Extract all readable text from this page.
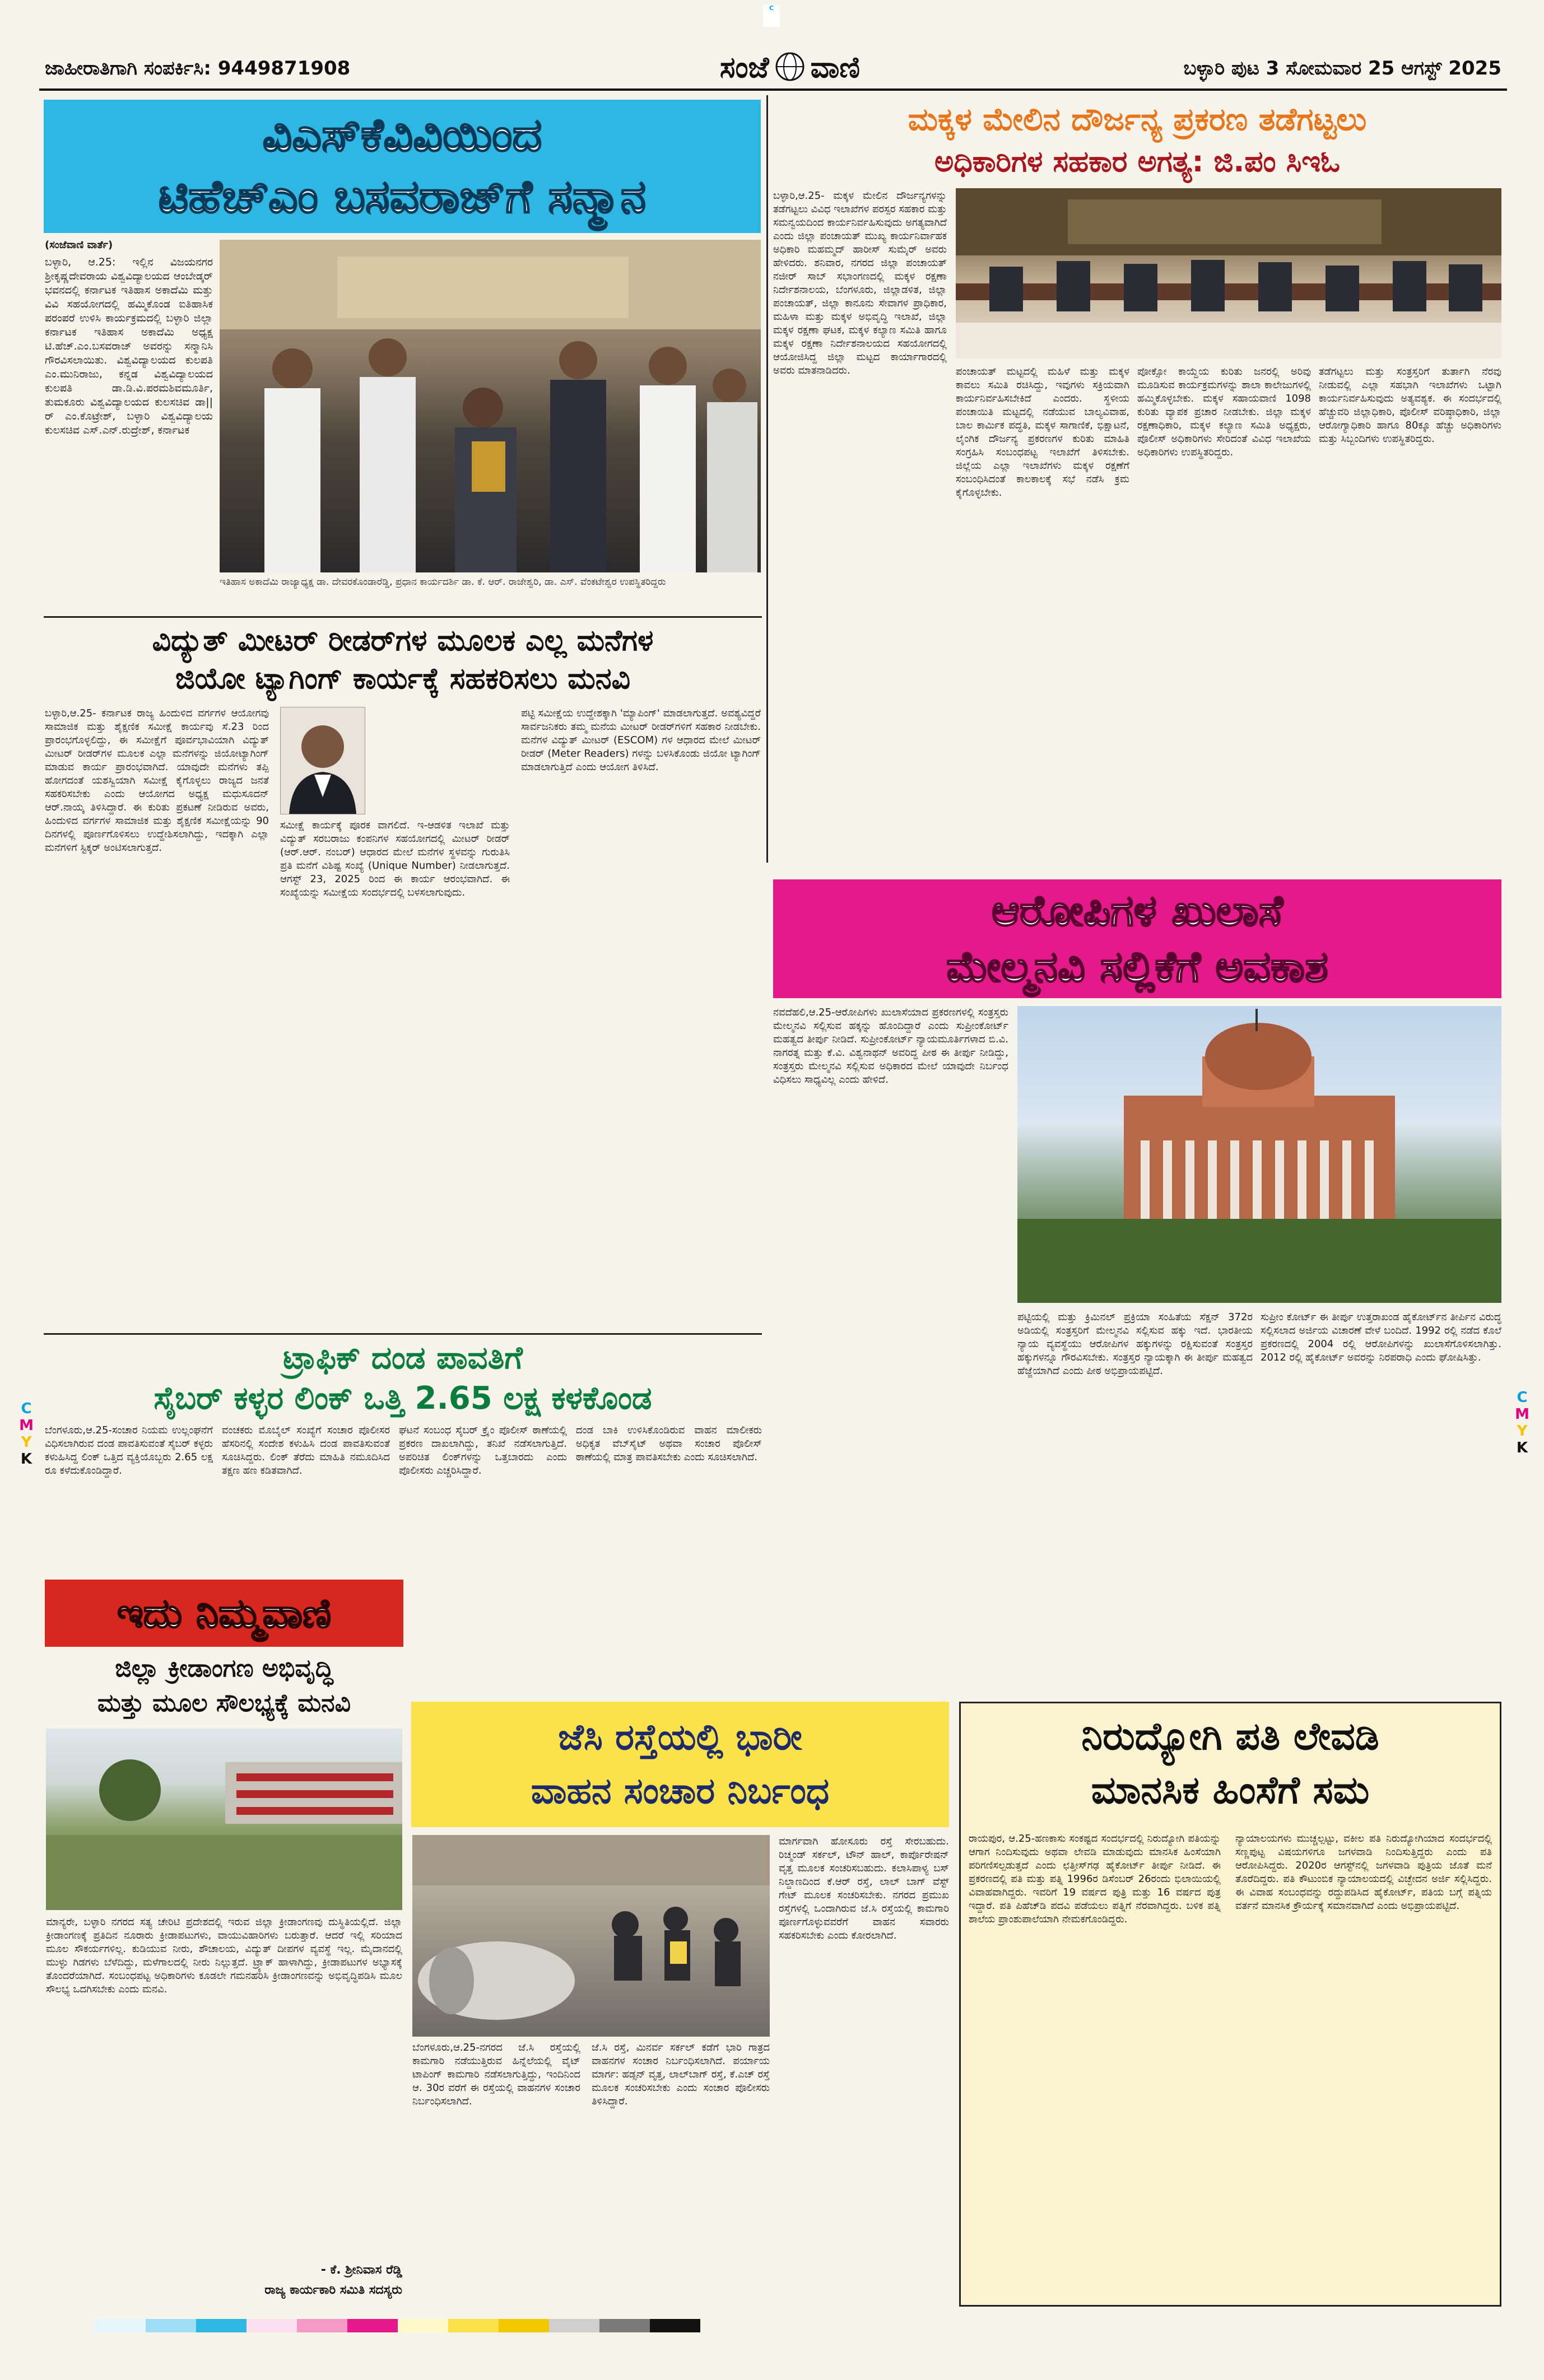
C
C
M
Y
K
C
M
Y
K
ಜಾಹೀರಾತಿಗಾಗಿ ಸಂಪರ್ಕಿಸಿ: 9449871908	ಸಂಜೆ ವಾಣಿ	ಬಳ್ಳಾರಿ ಪುಟ 3 ಸೋಮವಾರ 25 ಆಗಸ್ಟ್ 2025
ವಿಎಸ್‌ಕೆವಿವಿಯಿಂದ
ಟಿಹೆಚ್‌ಎಂ ಬಸವರಾಜ್‌ಗೆ ಸನ್ಮಾನ
(ಸಂಜೆವಾಣಿ ವಾರ್ತೆ)
ಬಳ್ಳಾರಿ, ಆ.25: ಇಲ್ಲಿನ ವಿಜಯನಗರ ಶ್ರೀಕೃಷ್ಣದೇವರಾಯ ವಿಶ್ವವಿದ್ಯಾಲಯದ ಆಂಬೇಡ್ಕರ್ ಭವನದಲ್ಲಿ ಕರ್ನಾಟಕ ಇತಿಹಾಸ ಅಕಾದೆಮಿ ಮತ್ತು ವಿವಿ ಸಹಯೋಗದಲ್ಲಿ ಹಮ್ಮಿಕೊಂಡ ಐತಿಹಾಸಿಕ ಪರಂಪರೆ ಉಳಿಸಿ ಕಾರ್ಯಕ್ರಮದಲ್ಲಿ ಬಳ್ಳಾರಿ ಜಿಲ್ಲಾ ಕರ್ನಾಟಕ ಇತಿಹಾಸ ಅಕಾದೆಮಿ ಅಧ್ಯಕ್ಷ ಟಿ.ಹೆಚ್.ಎಂ.ಬಸವರಾಜ್ ಅವರನ್ನು ಸನ್ಮಾನಿಸಿ ಗೌರವಿಸಲಾಯಿತು. ವಿಶ್ವವಿದ್ಯಾಲಯದ ಕುಲಪತಿ ಎಂ.ಮುನಿರಾಜು, ಕನ್ನಡ ವಿಶ್ವವಿದ್ಯಾಲಯದ ಕುಲಪತಿ ಡಾ.ಡಿ.ವಿ.ಪರಮಶಿವಮೂರ್ತಿ, ತುಮಕೂರು ವಿಶ್ವವಿದ್ಯಾಲಯದ ಕುಲಸಚಿವ ಡಾ||ರ್ ಎಂ.ಕೊಟ್ರೇಶ್, ಬಳ್ಳಾರಿ ವಿಶ್ವವಿದ್ಯಾಲಯ ಕುಲಸಚಿವ ಎಸ್.ಎನ್.ರುದ್ರೇಶ್, ಕರ್ನಾಟಕ
ಇತಿಹಾಸ ಅಕಾದೆಮಿ ರಾಜ್ಯಾಧ್ಯಕ್ಷ ಡಾ. ದೇವರಕೊಂಡಾರೆಡ್ಡಿ, ಪ್ರಧಾನ ಕಾರ್ಯದರ್ಶಿ ಡಾ. ಕೆ. ಆರ್. ರಾಜೇಶ್ವರಿ, ಡಾ. ಎಸ್. ವೆಂಕಟೇಶ್ವರ ಉಪಸ್ಥಿತರಿದ್ದರು
ವಿದ್ಯುತ್ ಮೀಟರ್ ರೀಡರ್‌ಗಳ ಮೂಲಕ ಎಲ್ಲ ಮನೆಗಳ
ಜಿಯೋ ಟ್ಯಾಗಿಂಗ್ ಕಾರ್ಯಕ್ಕೆ ಸಹಕರಿಸಲು ಮನವಿ
ಬಳ್ಳಾರಿ,ಆ.25- ಕರ್ನಾಟಕ ರಾಜ್ಯ ಹಿಂದುಳಿದ ವರ್ಗಗಳ ಆಯೋಗವು ಸಾಮಾಜಿಕ ಮತ್ತು ಶೈಕ್ಷಣಿಕ ಸಮೀಕ್ಷೆ ಕಾರ್ಯವು ಸೆ.23 ರಿಂದ ಪ್ರಾರಂಭಗೊಳ್ಳಲಿದ್ದು, ಈ ಸಮೀಕ್ಷೆಗೆ ಪೂರ್ವಭಾವಿಯಾಗಿ ವಿದ್ಯುತ್ ಮೀಟರ್ ರೀಡರ್‌ಗಳ ಮೂಲಕ ಎಲ್ಲಾ ಮನೆಗಳನ್ನು ಜಿಯೋಟ್ಯಾಗಿಂಗ್ ಮಾಡುವ ಕಾರ್ಯ ಪ್ರಾರಂಭವಾಗಿದೆ. ಯಾವುದೇ ಮನೆಗಳು ತಪ್ಪಿ ಹೋಗದಂತೆ ಯಶಸ್ವಿಯಾಗಿ ಸಮೀಕ್ಷೆ ಕೈಗೊಳ್ಳಲು ರಾಜ್ಯದ ಜನತೆ ಸಹಕರಿಸಬೇಕು ಎಂದು ಆಯೋಗದ ಅಧ್ಯಕ್ಷ ಮಧುಸೂದನ್ ಆರ್.ನಾಯ್ಕ ತಿಳಿಸಿದ್ದಾರೆ. ಈ ಕುರಿತು ಪ್ರಕಟಣೆ ನೀಡಿರುವ ಅವರು, ಹಿಂದುಳಿದ ವರ್ಗಗಳ ಸಾಮಾಜಿಕ ಮತ್ತು ಶೈಕ್ಷಣಿಕ ಸಮೀಕ್ಷೆಯನ್ನು 90 ದಿನಗಳಲ್ಲಿ ಪೂರ್ಣಗೊಳಿಸಲು ಉದ್ದೇಶಿಸಲಾಗಿದ್ದು, ಇದಕ್ಕಾಗಿ ಎಲ್ಲಾ ಮನೆಗಳಿಗೆ ಸ್ಟಿಕ್ಕರ್ ಅಂಟಿಸಲಾಗುತ್ತದೆ.
ಸಮೀಕ್ಷೆ ಕಾರ್ಯಕ್ಕೆ ಪೂರಕ ವಾಗಲಿದೆ. ಇ-ಆಡಳಿತ ಇಲಾಖೆ ಮತ್ತು ವಿದ್ಯುತ್ ಸರಬರಾಜು ಕಂಪನಿಗಳ ಸಹಯೋಗದಲ್ಲಿ ಮೀಟರ್ ರೀಡರ್ (ಆರ್.ಆರ್. ನಂಬರ್) ಆಧಾರದ ಮೇಲೆ ಮನೆಗಳ ಸ್ಥಳವನ್ನು ಗುರುತಿಸಿ ಪ್ರತಿ ಮನೆಗೆ ವಿಶಿಷ್ಟ ಸಂಖ್ಯೆ (Unique Number) ನೀಡಲಾಗುತ್ತದೆ. ಆಗಸ್ಟ್ 23, 2025 ರಿಂದ ಈ ಕಾರ್ಯ ಆರಂಭವಾಗಿದೆ. ಈ ಸಂಖ್ಯೆಯನ್ನು ಸಮೀಕ್ಷೆಯ ಸಂದರ್ಭದಲ್ಲಿ ಬಳಸಲಾಗುವುದು.
ಪಟ್ಟಿ ಸಮೀಕ್ಷೆಯ ಉದ್ದೇಶಕ್ಕಾಗಿ 'ಮ್ಯಾಪಿಂಗ್' ಮಾಡಲಾಗುತ್ತದೆ. ಅವಶ್ಯವಿದ್ದರೆ ಸಾರ್ವಜನಿಕರು ತಮ್ಮ ಮನೆಯ ಮೀಟರ್ ರೀಡರ್‌ಗಳಿಗೆ ಸಹಕಾರ ನೀಡಬೇಕು. ಮನೆಗಳ ವಿದ್ಯುತ್ ಮೀಟರ್ (ESCOM) ಗಳ ಆಧಾರದ ಮೇಲೆ ಮೀಟರ್ ರೀಡರ್ (Meter Readers) ಗಳನ್ನು ಬಳಸಿಕೊಂಡು ಜಿಯೋ ಟ್ಯಾಗಿಂಗ್ ಮಾಡಲಾಗುತ್ತಿದೆ ಎಂದು ಆಯೋಗ ತಿಳಿಸಿದೆ.
ಮಕ್ಕಳ ಮೇಲಿನ ದೌರ್ಜನ್ಯ ಪ್ರಕರಣ ತಡೆಗಟ್ಟಲು
ಅಧಿಕಾರಿಗಳ ಸಹಕಾರ ಅಗತ್ಯ: ಜಿ.ಪಂ ಸಿಇಓ
ಬಳ್ಳಾರಿ,ಆ.25- ಮಕ್ಕಳ ಮೇಲಿನ ದೌರ್ಜನ್ಯಗಳನ್ನು ತಡೆಗಟ್ಟಲು ವಿವಿಧ ಇಲಾಖೆಗಳ ಪರಸ್ಪರ ಸಹಕಾರ ಮತ್ತು ಸಮನ್ವಯದಿಂದ ಕಾರ್ಯನಿರ್ವಹಿಸುವುದು ಅಗತ್ಯವಾಗಿದೆ ಎಂದು ಜಿಲ್ಲಾ ಪಂಚಾಯತ್ ಮುಖ್ಯ ಕಾರ್ಯನಿರ್ವಾಹಕ ಅಧಿಕಾರಿ ಮಹಮ್ಮದ್ ಹಾರೀಸ್ ಸುಮೈರ್ ಅವರು ಹೇಳಿದರು. ಶನಿವಾರ, ನಗರದ ಜಿಲ್ಲಾ ಪಂಚಾಯತ್ ನಜೀರ್ ಸಾಬ್ ಸಭಾಂಗಣದಲ್ಲಿ ಮಕ್ಕಳ ರಕ್ಷಣಾ ನಿರ್ದೇಶನಾಲಯ, ಬೆಂಗಳೂರು, ಜಿಲ್ಲಾಡಳಿತ, ಜಿಲ್ಲಾ ಪಂಚಾಯತ್, ಜಿಲ್ಲಾ ಕಾನೂನು ಸೇವಾಗಳ ಪ್ರಾಧಿಕಾರ, ಮಹಿಳಾ ಮತ್ತು ಮಕ್ಕಳ ಅಭಿವೃದ್ಧಿ ಇಲಾಖೆ, ಜಿಲ್ಲಾ ಮಕ್ಕಳ ರಕ್ಷಣಾ ಘಟಕ, ಮಕ್ಕಳ ಕಲ್ಯಾಣ ಸಮಿತಿ ಹಾಗೂ ಮಕ್ಕಳ ರಕ್ಷಣಾ ನಿರ್ದೇಶನಾಲಯದ ಸಹಯೋಗದಲ್ಲಿ ಆಯೋಜಿಸಿದ್ದ ಜಿಲ್ಲಾ ಮಟ್ಟದ ಕಾರ್ಯಾಗಾರದಲ್ಲಿ ಅವರು ಮಾತನಾಡಿದರು.	ಪಂಚಾಯತ್ ಮಟ್ಟದಲ್ಲಿ ಮಹಿಳೆ ಮತ್ತು ಮಕ್ಕಳ ಕಾವಲು ಸಮಿತಿ ರಚಿಸಿದ್ದು, ಇವುಗಳು ಸಕ್ರಿಯವಾಗಿ ಕಾರ್ಯನಿರ್ವಹಿಸಬೇಕಿದೆ ಎಂದರು. ಸ್ಥಳೀಯ ಪಂಚಾಯಿತಿ ಮಟ್ಟದಲ್ಲಿ ನಡೆಯುವ ಬಾಲ್ಯವಿವಾಹ, ಬಾಲ ಕಾರ್ಮಿಕ ಪದ್ಧತಿ, ಮಕ್ಕಳ ಸಾಗಾಣಿಕೆ, ಭಿಕ್ಷಾಟನೆ, ಲೈಂಗಿಕ ದೌರ್ಜನ್ಯ ಪ್ರಕರಣಗಳ ಕುರಿತು ಮಾಹಿತಿ ಸಂಗ್ರಹಿಸಿ ಸಂಬಂಧಪಟ್ಟ ಇಲಾಖೆಗೆ ತಿಳಿಸಬೇಕು. ಜಿಲ್ಲೆಯ ಎಲ್ಲಾ ಇಲಾಖೆಗಳು ಮಕ್ಕಳ ರಕ್ಷಣೆಗೆ ಸಂಬಂಧಿಸಿದಂತೆ ಕಾಲಕಾಲಕ್ಕೆ ಸಭೆ ನಡೆಸಿ ಕ್ರಮ ಕೈಗೊಳ್ಳಬೇಕು.
ಪೋಕ್ಸೋ ಕಾಯ್ದೆಯ ಕುರಿತು ಜನರಲ್ಲಿ ಅರಿವು ಮೂಡಿಸುವ ಕಾರ್ಯಕ್ರಮಗಳನ್ನು ಶಾಲಾ ಕಾಲೇಜುಗಳಲ್ಲಿ ಹಮ್ಮಿಕೊಳ್ಳಬೇಕು. ಮಕ್ಕಳ ಸಹಾಯವಾಣಿ 1098 ಕುರಿತು ವ್ಯಾಪಕ ಪ್ರಚಾರ ನೀಡಬೇಕು. ಜಿಲ್ಲಾ ಮಕ್ಕಳ ರಕ್ಷಣಾಧಿಕಾರಿ, ಮಕ್ಕಳ ಕಲ್ಯಾಣ ಸಮಿತಿ ಅಧ್ಯಕ್ಷರು, ಪೊಲೀಸ್ ಅಧಿಕಾರಿಗಳು ಸೇರಿದಂತೆ ವಿವಿಧ ಇಲಾಖೆಯ ಅಧಿಕಾರಿಗಳು ಉಪಸ್ಥಿತರಿದ್ದರು.
ತಡೆಗಟ್ಟಲು ಮತ್ತು ಸಂತ್ರಸ್ತರಿಗೆ ತುರ್ತಾಗಿ ನೆರವು ನೀಡುವಲ್ಲಿ ಎಲ್ಲಾ ಸಹಭಾಗಿ ಇಲಾಖೆಗಳು ಒಟ್ಟಾಗಿ ಕಾರ್ಯನಿರ್ವಹಿಸುವುದು ಅತ್ಯವಶ್ಯಕ. ಈ ಸಂದರ್ಭದಲ್ಲಿ ಹೆಚ್ಚುವರಿ ಜಿಲ್ಲಾಧಿಕಾರಿ, ಪೊಲೀಸ್ ವರಿಷ್ಠಾಧಿಕಾರಿ, ಜಿಲ್ಲಾ ಆರೋಗ್ಯಾಧಿಕಾರಿ ಹಾಗೂ 80ಕ್ಕೂ ಹೆಚ್ಚು ಅಧಿಕಾರಿಗಳು ಮತ್ತು ಸಿಬ್ಬಂದಿಗಳು ಉಪಸ್ಥಿತರಿದ್ದರು.
ಆರೋಪಿಗಳ ಖುಲಾಸೆ
ಮೇಲ್ಮನವಿ ಸಲ್ಲಿಕೆಗೆ ಅವಕಾಶ
ನವದೆಹಲಿ,ಆ.25-ಆರೋಪಿಗಳು ಖುಲಾಸೆಯಾದ ಪ್ರಕರಣಗಳಲ್ಲಿ ಸಂತ್ರಸ್ತರು ಮೇಲ್ಮನವಿ ಸಲ್ಲಿಸುವ ಹಕ್ಕನ್ನು ಹೊಂದಿದ್ದಾರೆ ಎಂದು ಸುಪ್ರೀಂಕೋರ್ಟ್ ಮಹತ್ವದ ತೀರ್ಪು ನೀಡಿದೆ. ಸುಪ್ರೀಂಕೋರ್ಟ್ ನ್ಯಾಯಮೂರ್ತಿಗಳಾದ ಬಿ.ವಿ. ನಾಗರತ್ನ ಮತ್ತು ಕೆ.ವಿ. ವಿಶ್ವನಾಥನ್ ಅವರಿದ್ದ ಪೀಠ ಈ ತೀರ್ಪು ನೀಡಿದ್ದು, ಸಂತ್ರಸ್ತರು ಮೇಲ್ಮನವಿ ಸಲ್ಲಿಸುವ ಅಧಿಕಾರದ ಮೇಲೆ ಯಾವುದೇ ನಿರ್ಬಂಧ ವಿಧಿಸಲು ಸಾಧ್ಯವಿಲ್ಲ ಎಂದು ಹೇಳಿದೆ.
ಪಟ್ಟಿಯಲ್ಲಿ ಮತ್ತು ಕ್ರಿಮಿನಲ್ ಪ್ರಕ್ರಿಯಾ ಸಂಹಿತೆಯ ಸೆಕ್ಷನ್ 372ರ ಅಡಿಯಲ್ಲಿ ಸಂತ್ರಸ್ತರಿಗೆ ಮೇಲ್ಮನವಿ ಸಲ್ಲಿಸುವ ಹಕ್ಕು ಇದೆ. ಭಾರತೀಯ ನ್ಯಾಯ ವ್ಯವಸ್ಥೆಯು ಆರೋಪಿಗಳ ಹಕ್ಕುಗಳನ್ನು ರಕ್ಷಿಸುವಂತೆ ಸಂತ್ರಸ್ತರ ಹಕ್ಕುಗಳನ್ನೂ ಗೌರವಿಸಬೇಕು. ಸಂತ್ರಸ್ತರ ನ್ಯಾಯಕ್ಕಾಗಿ ಈ ತೀರ್ಪು ಮಹತ್ವದ ಹೆಜ್ಜೆಯಾಗಿದೆ ಎಂದು ಪೀಠ ಅಭಿಪ್ರಾಯಪಟ್ಟಿದೆ.
ಸುಪ್ರೀಂ ಕೋರ್ಟ್ ಈ ತೀರ್ಪು ಉತ್ತರಾಖಂಡ ಹೈಕೋರ್ಟ್‌ನ ತೀರ್ಪಿನ ವಿರುದ್ಧ ಸಲ್ಲಿಸಲಾದ ಅರ್ಜಿಯ ವಿಚಾರಣೆ ವೇಳೆ ಬಂದಿದೆ. 1992 ರಲ್ಲಿ ನಡೆದ ಕೊಲೆ ಪ್ರಕರಣದಲ್ಲಿ 2004 ರಲ್ಲಿ ಆರೋಪಿಗಳನ್ನು ಖುಲಾಸೆಗೊಳಿಸಲಾಗಿತ್ತು. 2012 ರಲ್ಲಿ ಹೈಕೋರ್ಟ್ ಅವರನ್ನು ನಿರಪರಾಧಿ ಎಂದು ಘೋಷಿಸಿತ್ತು.
ಟ್ರಾಫಿಕ್ ದಂಡ ಪಾವತಿಗೆ
ಸೈಬರ್ ಕಳ್ಳರ ಲಿಂಕ್ ಒತ್ತಿ 2.65 ಲಕ್ಷ ಕಳಕೊಂಡ
ಬೆಂಗಳೂರು,ಆ.25-ಸಂಚಾರ ನಿಯಮ ಉಲ್ಲಂಘನೆಗೆ ವಿಧಿಸಲಾಗಿರುವ ದಂಡ ಪಾವತಿಸುವಂತೆ ಸೈಬರ್ ಕಳ್ಳರು ಕಳುಹಿಸಿದ್ದ ಲಿಂಕ್ ಒತ್ತಿದ ವ್ಯಕ್ತಿಯೊಬ್ಬರು 2.65 ಲಕ್ಷ ರೂ ಕಳೆದುಕೊಂಡಿದ್ದಾರೆ.
ವಂಚಕರು ಮೊಬೈಲ್ ಸಂಖ್ಯೆಗೆ ಸಂಚಾರ ಪೊಲೀಸರ ಹೆಸರಿನಲ್ಲಿ ಸಂದೇಶ ಕಳುಹಿಸಿ ದಂಡ ಪಾವತಿಸುವಂತೆ ಸೂಚಿಸಿದ್ದರು. ಲಿಂಕ್ ತೆರೆದು ಮಾಹಿತಿ ನಮೂದಿಸಿದ ತಕ್ಷಣ ಹಣ ಕಡಿತವಾಗಿದೆ.
ಘಟನೆ ಸಂಬಂಧ ಸೈಬರ್ ಕ್ರೈಂ ಪೊಲೀಸ್ ಠಾಣೆಯಲ್ಲಿ ಪ್ರಕರಣ ದಾಖಲಾಗಿದ್ದು, ತನಿಖೆ ನಡೆಸಲಾಗುತ್ತಿದೆ. ಅಪರಿಚಿತ ಲಿಂಕ್‌ಗಳನ್ನು ಒತ್ತಬಾರದು ಎಂದು ಪೊಲೀಸರು ಎಚ್ಚರಿಸಿದ್ದಾರೆ.
ದಂಡ ಬಾಕಿ ಉಳಿಸಿಕೊಂಡಿರುವ ವಾಹನ ಮಾಲೀಕರು ಅಧಿಕೃತ ವೆಬ್‌ಸೈಟ್ ಅಥವಾ ಸಂಚಾರ ಪೊಲೀಸ್ ಠಾಣೆಯಲ್ಲಿ ಮಾತ್ರ ಪಾವತಿಸಬೇಕು ಎಂದು ಸೂಚಿಸಲಾಗಿದೆ.
ಇದು ನಿಮ್ಮವಾಣಿ
ಜಿಲ್ಲಾ ಕ್ರೀಡಾಂಗಣ ಅಭಿವೃದ್ಧಿ
ಮತ್ತು ಮೂಲ ಸೌಲಭ್ಯಕ್ಕೆ ಮನವಿ
ಮಾನ್ಯರೇ, ಬಳ್ಳಾರಿ ನಗರದ ಸತ್ಯ ಚೇರಿಟಿ ಪ್ರದೇಶದಲ್ಲಿ ಇರುವ ಜಿಲ್ಲಾ ಕ್ರೀಡಾಂಗಣವು ದುಸ್ಥಿತಿಯಲ್ಲಿದೆ. ಜಿಲ್ಲಾ ಕ್ರೀಡಾಂಗಣಕ್ಕೆ ಪ್ರತಿದಿನ ನೂರಾರು ಕ್ರೀಡಾಪಟುಗಳು, ವಾಯುವಿಹಾರಿಗಳು ಬರುತ್ತಾರೆ. ಆದರೆ ಇಲ್ಲಿ ಸರಿಯಾದ ಮೂಲ ಸೌಕರ್ಯಗಳಿಲ್ಲ. ಕುಡಿಯುವ ನೀರು, ಶೌಚಾಲಯ, ವಿದ್ಯುತ್ ದೀಪಗಳ ವ್ಯವಸ್ಥೆ ಇಲ್ಲ. ಮೈದಾನದಲ್ಲಿ ಮುಳ್ಳು ಗಿಡಗಳು ಬೆಳೆದಿದ್ದು, ಮಳೆಗಾಲದಲ್ಲಿ ನೀರು ನಿಲ್ಲುತ್ತದೆ. ಟ್ರ್ಯಾಕ್ ಹಾಳಾಗಿದ್ದು, ಕ್ರೀಡಾಪಟುಗಳ ಅಭ್ಯಾಸಕ್ಕೆ ತೊಂದರೆಯಾಗಿದೆ. ಸಂಬಂಧಪಟ್ಟ ಅಧಿಕಾರಿಗಳು ಕೂಡಲೇ ಗಮನಹರಿಸಿ ಕ್ರೀಡಾಂಗಣವನ್ನು ಅಭಿವೃದ್ಧಿಪಡಿಸಿ ಮೂಲ ಸೌಲಭ್ಯ ಒದಗಿಸಬೇಕು ಎಂದು ಮನವಿ.
- ಕೆ. ಶ್ರೀನಿವಾಸ ರೆಡ್ಡಿ
ರಾಜ್ಯ ಕಾರ್ಯಕಾರಿ ಸಮಿತಿ ಸದಸ್ಯರು
ಜೆಸಿ ರಸ್ತೆಯಲ್ಲಿ ಭಾರೀ
ವಾಹನ ಸಂಚಾರ ನಿರ್ಬಂಧ
ಬೆಂಗಳೂರು,ಆ.25-ನಗರದ ಜೆ.ಸಿ ರಸ್ತೆಯಲ್ಲಿ ಕಾಮಗಾರಿ ನಡೆಯುತ್ತಿರುವ ಹಿನ್ನೆಲೆಯಲ್ಲಿ ವೈಟ್ ಟಾಪಿಂಗ್ ಕಾಮಗಾರಿ ನಡೆಸಲಾಗುತ್ತಿದ್ದು, ಇಂದಿನಿಂದ ಆ. 30ರ ವರೆಗೆ ಈ ರಸ್ತೆಯಲ್ಲಿ ವಾಹನಗಳ ಸಂಚಾರ ನಿರ್ಬಂಧಿಸಲಾಗಿದೆ.
ಜೆ.ಸಿ ರಸ್ತೆ, ಮಿನರ್ವ ಸರ್ಕಲ್ ಕಡೆಗೆ ಭಾರಿ ಗಾತ್ರದ ವಾಹನಗಳ ಸಂಚಾರ ನಿರ್ಬಂಧಿಸಲಾಗಿದೆ. ಪರ್ಯಾಯ ಮಾರ್ಗ: ಹಡ್ಸನ್ ವೃತ್ತ, ಲಾಲ್‌ಬಾಗ್ ರಸ್ತೆ, ಕೆ.ಎಚ್ ರಸ್ತೆ ಮೂಲಕ ಸಂಚರಿಸಬೇಕು ಎಂದು ಸಂಚಾರ ಪೊಲೀಸರು ತಿಳಿಸಿದ್ದಾರೆ.
ಮಾರ್ಗವಾಗಿ ಹೋಸೂರು ರಸ್ತೆ ಸೇರಬಹುದು. ರಿಚ್ಮಂಡ್ ಸರ್ಕಲ್, ಟೌನ್ ಹಾಲ್, ಕಾರ್ಪೊರೇಷನ್ ವೃತ್ತ ಮೂಲಕ ಸಂಚರಿಸಬಹುದು. ಕಲಾಸಿಪಾಳ್ಯ ಬಸ್ ನಿಲ್ದಾಣದಿಂದ ಕೆ.ಆರ್ ರಸ್ತೆ, ಲಾಲ್ ಬಾಗ್ ವೆಸ್ಟ್ ಗೇಟ್ ಮೂಲಕ ಸಂಚರಿಸಬೇಕು. ನಗರದ ಪ್ರಮುಖ ರಸ್ತೆಗಳಲ್ಲಿ ಒಂದಾಗಿರುವ ಜೆ.ಸಿ ರಸ್ತೆಯಲ್ಲಿ ಕಾಮಗಾರಿ ಪೂರ್ಣಗೊಳ್ಳುವವರೆಗೆ ವಾಹನ ಸವಾರರು ಸಹಕರಿಸಬೇಕು ಎಂದು ಕೋರಲಾಗಿದೆ.
ನಿರುದ್ಯೋಗಿ ಪತಿ ಲೇವಡಿ
ಮಾನಸಿಕ ಹಿಂಸೆಗೆ ಸಮ
ರಾಯಪುರ, ಆ.25-ಹಣಕಾಸು ಸಂಕಷ್ಟದ ಸಂದರ್ಭದಲ್ಲಿ ನಿರುದ್ಯೋಗಿ ಪತಿಯನ್ನು ಆಗಾಗ ನಿಂದಿಸುವುದು ಅಥವಾ ಲೇವಡಿ ಮಾಡುವುದು ಮಾನಸಿಕ ಹಿಂಸೆಯಾಗಿ ಪರಿಗಣಿಸಲ್ಪಡುತ್ತದೆ ಎಂದು ಛತ್ತೀಸ್‌ಗಢ ಹೈಕೋರ್ಟ್ ತೀರ್ಪು ನೀಡಿದೆ. ಈ ಪ್ರಕರಣದಲ್ಲಿ ಪತಿ ಮತ್ತು ಪತ್ನಿ 1996ರ ಡಿಸೆಂಬರ್ 26ರಂದು ಭಿಲಾಯಿಯಲ್ಲಿ ವಿವಾಹವಾಗಿದ್ದರು. ಇವರಿಗೆ 19 ವರ್ಷದ ಪುತ್ರಿ ಮತ್ತು 16 ವರ್ಷದ ಪುತ್ರ ಇದ್ದಾರೆ. ಪತಿ ಪಿಹೆಚ್‌ಡಿ ಪದವಿ ಪಡೆಯಲು ಪತ್ನಿಗೆ ನೆರವಾಗಿದ್ದರು. ಬಳಿಕ ಪತ್ನಿ ಶಾಲೆಯ ಪ್ರಾಂಶುಪಾಲೆಯಾಗಿ ನೇಮಕಗೊಂಡಿದ್ದರು.
ನ್ಯಾಯಾಲಯಗಳು ಮುಚ್ಚಲ್ಪಟ್ಟು, ವಕೀಲ ಪತಿ ನಿರುದ್ಯೋಗಿಯಾದ ಸಂದರ್ಭದಲ್ಲಿ ಸಣ್ಣಪುಟ್ಟ ವಿಷಯಗಳಿಗೂ ಜಗಳವಾಡಿ ನಿಂದಿಸುತ್ತಿದ್ದರು ಎಂದು ಪತಿ ಆರೋಪಿಸಿದ್ದರು. 2020ರ ಆಗಸ್ಟ್‌ನಲ್ಲಿ ಜಗಳವಾಡಿ ಪುತ್ರಿಯ ಜೊತೆ ಮನೆ ತೊರೆದಿದ್ದರು. ಪತಿ ಕೌಟುಂಬಿಕ ನ್ಯಾಯಾಲಯದಲ್ಲಿ ವಿಚ್ಛೇದನ ಅರ್ಜಿ ಸಲ್ಲಿಸಿದ್ದರು. ಈ ವಿವಾಹ ಸಂಬಂಧವನ್ನು ರದ್ದುಪಡಿಸಿದ ಹೈಕೋರ್ಟ್, ಪತಿಯ ಬಗ್ಗೆ ಪತ್ನಿಯ ವರ್ತನೆ ಮಾನಸಿಕ ಕ್ರೌರ್ಯಕ್ಕೆ ಸಮಾನವಾಗಿದೆ ಎಂದು ಅಭಿಪ್ರಾಯಪಟ್ಟಿದೆ.
